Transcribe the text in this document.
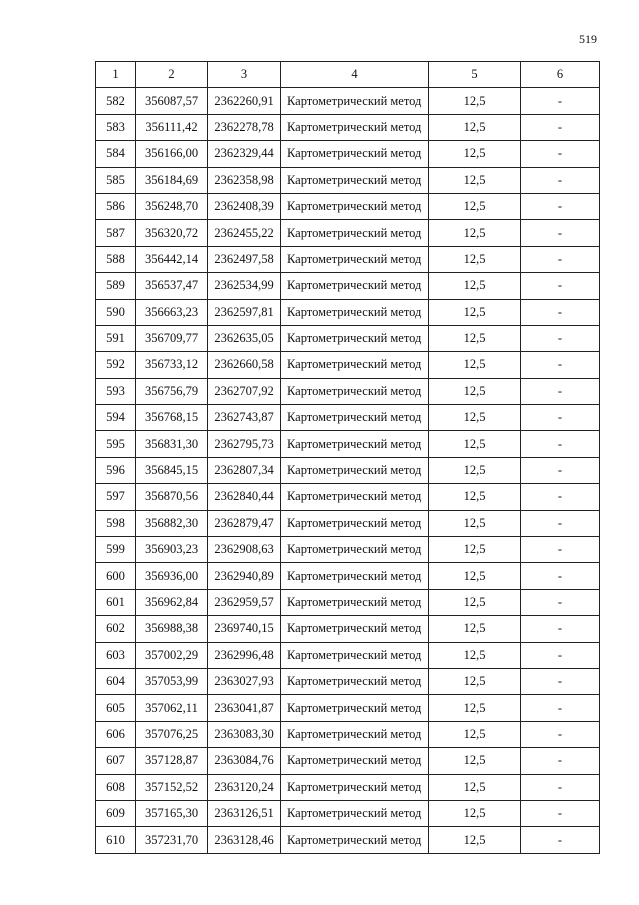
519
1	2	3	4	5	6
582	356087,57	2362260,91	Картометрический метод	12,5	-
583	356111,42	2362278,78	Картометрический метод	12,5	-
584	356166,00	2362329,44	Картометрический метод	12,5	-
585	356184,69	2362358,98	Картометрический метод	12,5	-
586	356248,70	2362408,39	Картометрический метод	12,5	-
587	356320,72	2362455,22	Картометрический метод	12,5	-
588	356442,14	2362497,58	Картометрический метод	12,5	-
589	356537,47	2362534,99	Картометрический метод	12,5	-
590	356663,23	2362597,81	Картометрический метод	12,5	-
591	356709,77	2362635,05	Картометрический метод	12,5	-
592	356733,12	2362660,58	Картометрический метод	12,5	-
593	356756,79	2362707,92	Картометрический метод	12,5	-
594	356768,15	2362743,87	Картометрический метод	12,5	-
595	356831,30	2362795,73	Картометрический метод	12,5	-
596	356845,15	2362807,34	Картометрический метод	12,5	-
597	356870,56	2362840,44	Картометрический метод	12,5	-
598	356882,30	2362879,47	Картометрический метод	12,5	-
599	356903,23	2362908,63	Картометрический метод	12,5	-
600	356936,00	2362940,89	Картометрический метод	12,5	-
601	356962,84	2362959,57	Картометрический метод	12,5	-
602	356988,38	2369740,15	Картометрический метод	12,5	-
603	357002,29	2362996,48	Картометрический метод	12,5	-
604	357053,99	2363027,93	Картометрический метод	12,5	-
605	357062,11	2363041,87	Картометрический метод	12,5	-
606	357076,25	2363083,30	Картометрический метод	12,5	-
607	357128,87	2363084,76	Картометрический метод	12,5	-
608	357152,52	2363120,24	Картометрический метод	12,5	-
609	357165,30	2363126,51	Картометрический метод	12,5	-
610	357231,70	2363128,46	Картометрический метод	12,5	-
